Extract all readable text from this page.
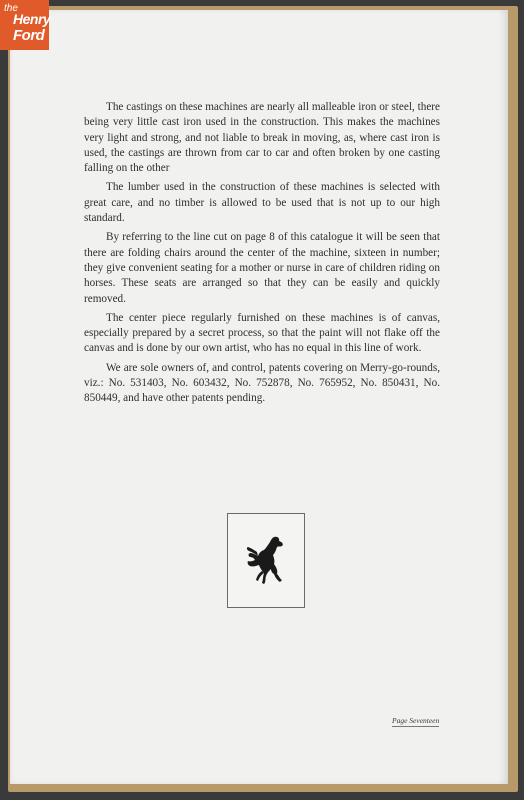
The castings on these machines are nearly all malleable iron or steel, there being very little cast iron used in the construction. This makes the machines very light and strong, and not liable to break in moving, as, where cast iron is used, the castings are thrown from car to car and often broken by one casting falling on the other

The lumber used in the construction of these machines is selected with great care, and no timber is allowed to be used that is not up to our high standard.

By referring to the line cut on page 8 of this catalogue it will be seen that there are folding chairs around the center of the machine, sixteen in number; they give convenient seating for a mother or nurse in care of children riding on horses. These seats are arranged so that they can be easily and quickly removed.

The center piece regularly furnished on these machines is of canvas, especially prepared by a secret process, so that the paint will not flake off the canvas and is done by our own artist, who has no equal in this line of work.

We are sole owners of, and control, patents covering on Merry-go-rounds, viz.: No. 531403, No. 603432, No. 752878, No. 765952, No. 850431, No. 850449, and have other patents pending.

Page Seventeen
the
Henry
Ford
